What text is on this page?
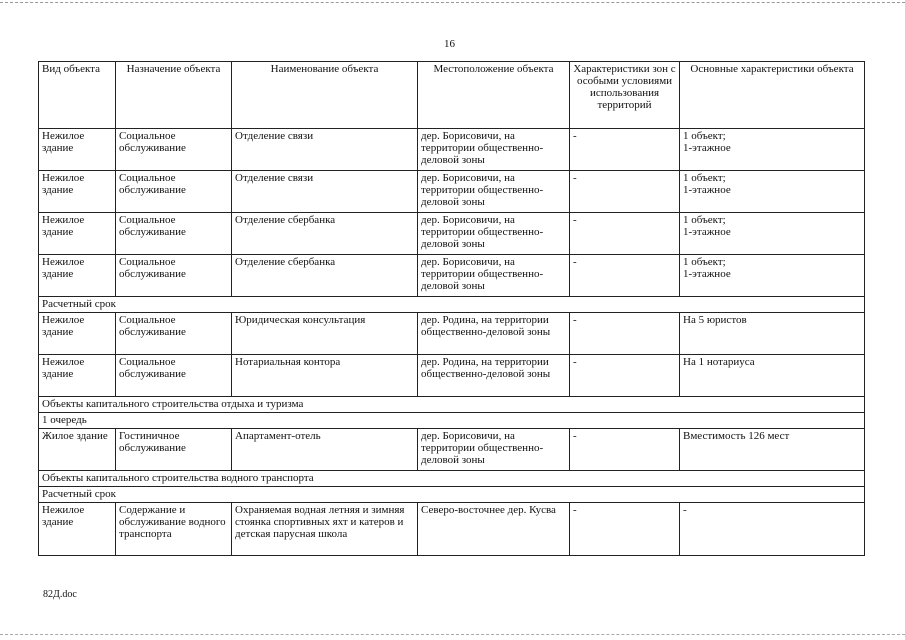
16
Вид объекта	Назначение объекта	Наименование объекта	Местоположение объекта	Характеристики зон с особыми условиями использования территорий	Основные характеристики объекта
Нежилое здание	Социальное обслуживание	Отделение связи	дер. Борисовичи, на территории общественно-деловой зоны	-	1 объект;
1-этажное
Нежилое здание	Социальное обслуживание	Отделение связи	дер. Борисовичи, на территории общественно-деловой зоны	-	1 объект;
1-этажное
Нежилое здание	Социальное обслуживание	Отделение сбербанка	дер. Борисовичи, на территории общественно-деловой зоны	-	1 объект;
1-этажное
Нежилое здание	Социальное обслуживание	Отделение сбербанка	дер. Борисовичи, на территории общественно-деловой зоны	-	1 объект;
1-этажное
Расчетный срок					
Нежилое здание	Социальное обслуживание	Юридическая консультация	дер. Родина, на территории общественно-деловой зоны	-	На 5 юристов
Нежилое здание	Социальное обслуживание	Нотариальная контора	дер. Родина, на территории общественно-деловой зоны	-	На 1 нотариуса
Объекты капитального строительства отдыха и туризма					
1 очередь					
Жилое здание	Гостиничное обслуживание	Апартамент-отель	дер. Борисовичи, на территории общественно-деловой зоны	-	Вместимость 126 мест
Объекты капитального строительства водного транспорта					
Расчетный срок					
Нежилое здание	Содержание и обслуживание водного транспорта	Охраняемая водная летняя и зимняя стоянка спортивных яхт и катеров и детская парусная школа	Северо-восточнее дер. Кусва	-	-
82Д.doc
